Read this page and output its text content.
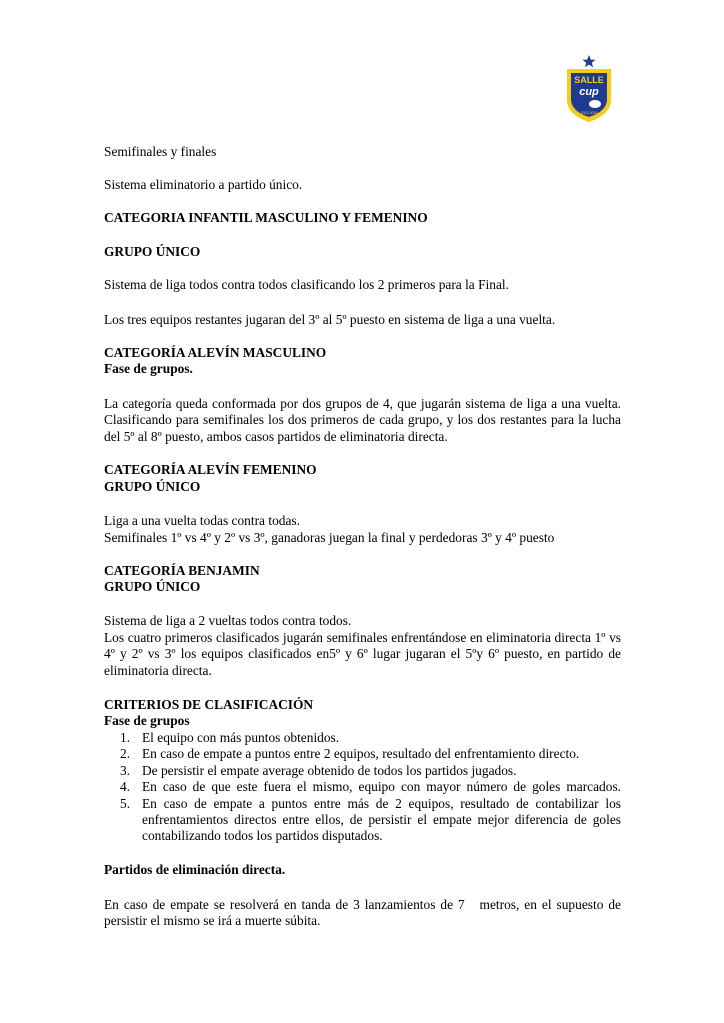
SALLE
cup
2023-2024

Semifinales y finales

Sistema eliminatorio a partido único.

CATEGORIA INFANTIL MASCULINO Y FEMENINO

GRUPO ÚNICO

Sistema de liga todos contra todos clasificando los 2 primeros para la Final.

Los tres equipos restantes jugaran del 3º al 5º puesto en sistema de liga a una vuelta.

CATEGORÍA ALEVÍN MASCULINO

Fase de grupos.

La categoría queda conformada por dos grupos de 4, que jugarán sistema de liga a una vuelta. Clasificando para semifinales los dos primeros de cada grupo, y los dos restantes para la lucha del 5º al 8º puesto, ambos casos partidos de eliminatoria directa.

CATEGORÍA ALEVÍN FEMENINO

GRUPO ÚNICO

Liga a una vuelta todas contra todas.

Semifinales 1º vs 4º y 2º vs 3º, ganadoras juegan la final y perdedoras 3º y 4º puesto

CATEGORÍA BENJAMIN

GRUPO ÚNICO

Sistema de liga a 2 vueltas todos contra todos.

Los cuatro primeros clasificados jugarán semifinales enfrentándose en eliminatoria directa 1º vs 4º y 2º vs 3º los equipos clasificados en5º y 6º lugar jugaran el 5ºy 6º puesto, en partido de eliminatoria directa.

CRITERIOS DE CLASIFICACIÓN

Fase de grupos

1. El equipo con más puntos obtenidos.
2. En caso de empate a puntos entre 2 equipos, resultado del enfrentamiento directo.
3. De persistir el empate average obtenido de todos los partidos jugados.
4. En caso de que este fuera el mismo, equipo con mayor número de goles marcados.
5. En caso de empate a puntos entre más de 2 equipos, resultado de contabilizar los enfrentamientos directos entre ellos, de persistir el empate mejor diferencia de goles contabilizando todos los partidos disputados.

Partidos de eliminación directa.

En caso de empate se resolverá en tanda de 3 lanzamientos de 7   metros, en el supuesto de persistir el mismo se irá a muerte súbita.
